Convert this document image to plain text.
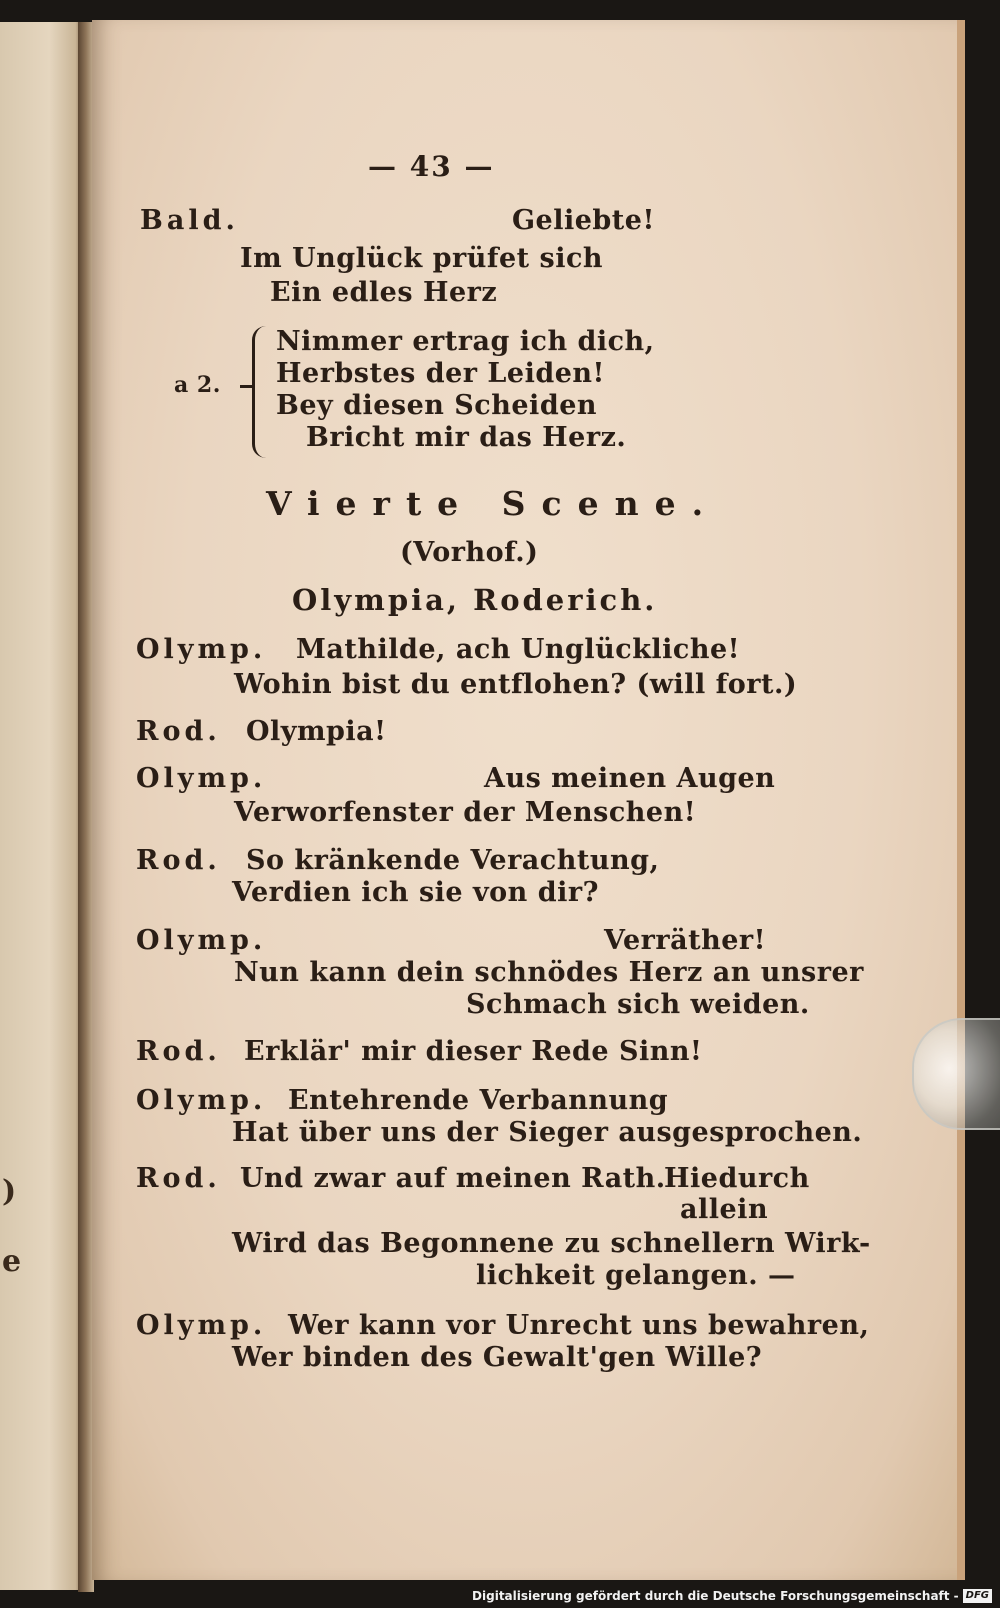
)
e
— 43 —
Bald.	Geliebte!
Im Unglück prüfet sich
Ein edles Herz
a 2.
Nimmer ertrag ich dich,
Herbstes der Leiden!
Bey diesen Scheiden
Bricht mir das Herz.
Vierte Scene.
(Vorhof.)
Olympia, Roderich.
Olymp. Mathilde, ach Unglückliche!
Wohin bist du entflohen? (will fort.)
Rod. Olympia!
Olymp.	Aus meinen Augen
Verworfenster der Menschen!
Rod. So kränkende Verachtung,
Verdien ich sie von dir?
Olymp.	Verräther!
Nun kann dein schnödes Herz an unsrer
Schmach sich weiden.
Rod. Erklär' mir dieser Rede Sinn!
Olymp. Entehrende Verbannung
Hat über uns der Sieger ausgesprochen.
Rod. Und zwar auf meinen Rath.
Hiedurch
allein
Wird das Begonnene zu schnellern Wirk-
lichkeit gelangen. —
Olymp. Wer kann vor Unrecht uns bewahren,
Wer binden des Gewalt'gen Wille?
Digitalisierung gefördert durch die Deutsche Forschungsgemeinschaft - DFG
